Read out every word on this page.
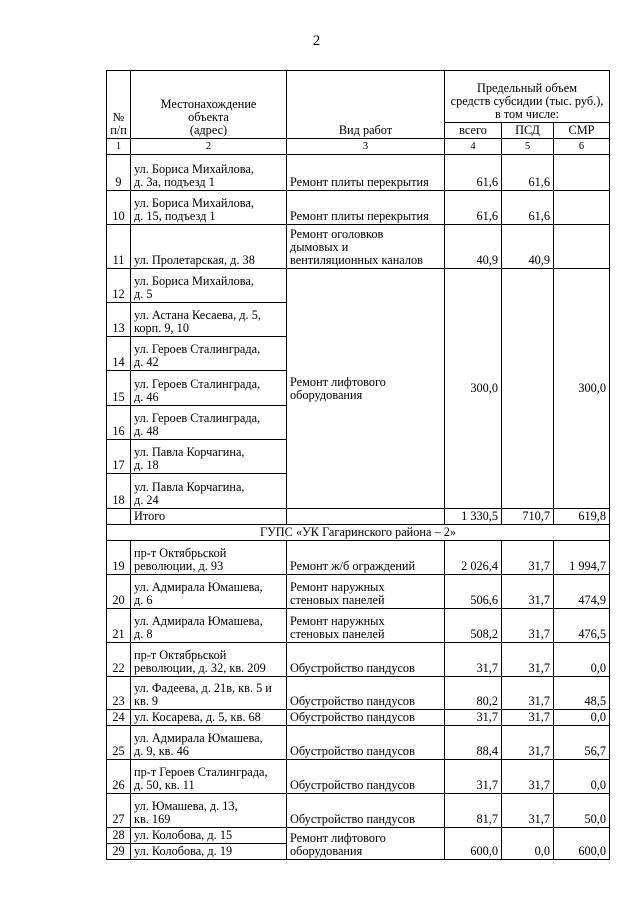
2
№
п/п	Местонахождение
объекта
(адрес)	Вид работ	Предельный объем
средств субсидии (тыс. руб.),
в том числе:		
			всего	ПСД	СМР
1	2	3	4	5	6
9	ул. Бориса Михайлова,
д. 3а, подъезд 1	Ремонт плиты перекрытия	61,6	61,6	
10	ул. Бориса Михайлова,
д. 15, подъезд 1	Ремонт плиты перекрытия	61,6	61,6	
11	ул. Пролетарская, д. 38	Ремонт оголовков
дымовых и
вентиляционных каналов	40,9	40,9	
12	ул. Бориса Михайлова,
д. 5	Ремонт лифтового
оборудования	300,0		300,0
13	ул. Астана Кесаева, д. 5,
корп. 9, 10				
14	ул. Героев Сталинграда,
д. 42				
15	ул. Героев Сталинграда,
д. 46				
16	ул. Героев Сталинграда,
д. 48				
17	ул. Павла Корчагина,
д. 18				
18	ул. Павла Корчагина,
д. 24				
	Итого		1 330,5	710,7	619,8
ГУПС «УК Гагаринского района – 2»					
19	пр-т Октябрьской
революции, д. 93	Ремонт ж/б ограждений	2 026,4	31,7	1 994,7
20	ул. Адмирала Юмашева,
д. 6	Ремонт наружных
стеновых панелей	506,6	31,7	474,9
21	ул. Адмирала Юмашева,
д. 8	Ремонт наружных
стеновых панелей	508,2	31,7	476,5
22	пр-т Октябрьской
революции, д. 32, кв. 209	Обустройство пандусов	31,7	31,7	0,0
23	ул. Фадеева, д. 21в, кв. 5 и
кв. 9	Обустройство пандусов	80,2	31,7	48,5
24	ул. Косарева, д. 5, кв. 68	Обустройство пандусов	31,7	31,7	0,0
25	ул. Адмирала Юмашева,
д. 9, кв. 46	Обустройство пандусов	88,4	31,7	56,7
26	пр-т Героев Сталинграда,
д. 50, кв. 11	Обустройство пандусов	31,7	31,7	0,0
27	ул. Юмашева, д. 13,
кв. 169	Обустройство пандусов	81,7	31,7	50,0
28	ул. Колобова, д. 15	Ремонт лифтового
оборудования	600,0	0,0	600,0
29	ул. Колобова, д. 19				
